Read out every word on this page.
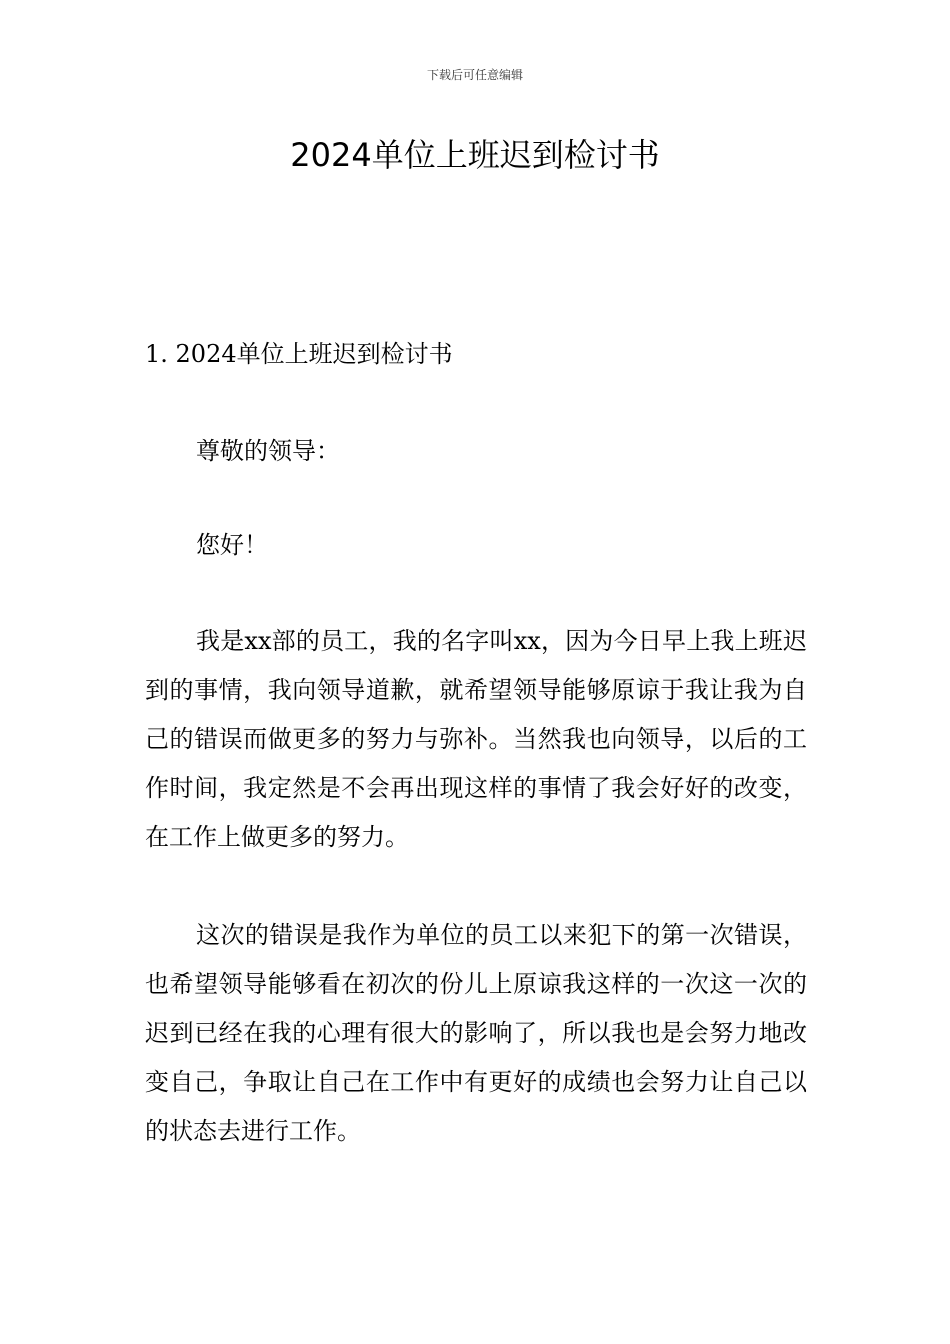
下载后可任意编辑
2024单位上班迟到检讨书
1. 2024单位上班迟到检讨书

尊敬的领导：

您好！

我是xx部的员工，我的名字叫xx，因为今日早上我上班迟到的事情，我向领导道歉，就希望领导能够原谅于我让我为自己的错误而做更多的努力与弥补。当然我也向领导，以后的工作时间，我定然是不会再出现这样的事情了我会好好的改变，在工作上做更多的努力。

这次的错误是我作为单位的员工以来犯下的第一次错误，也希望领导能够看在初次的份儿上原谅我这样的一次这一次的迟到已经在我的心理有很大的影响了，所以我也是会努力地改变自己，争取让自己在工作中有更好的成绩也会努力让自己以的状态去进行工作。
